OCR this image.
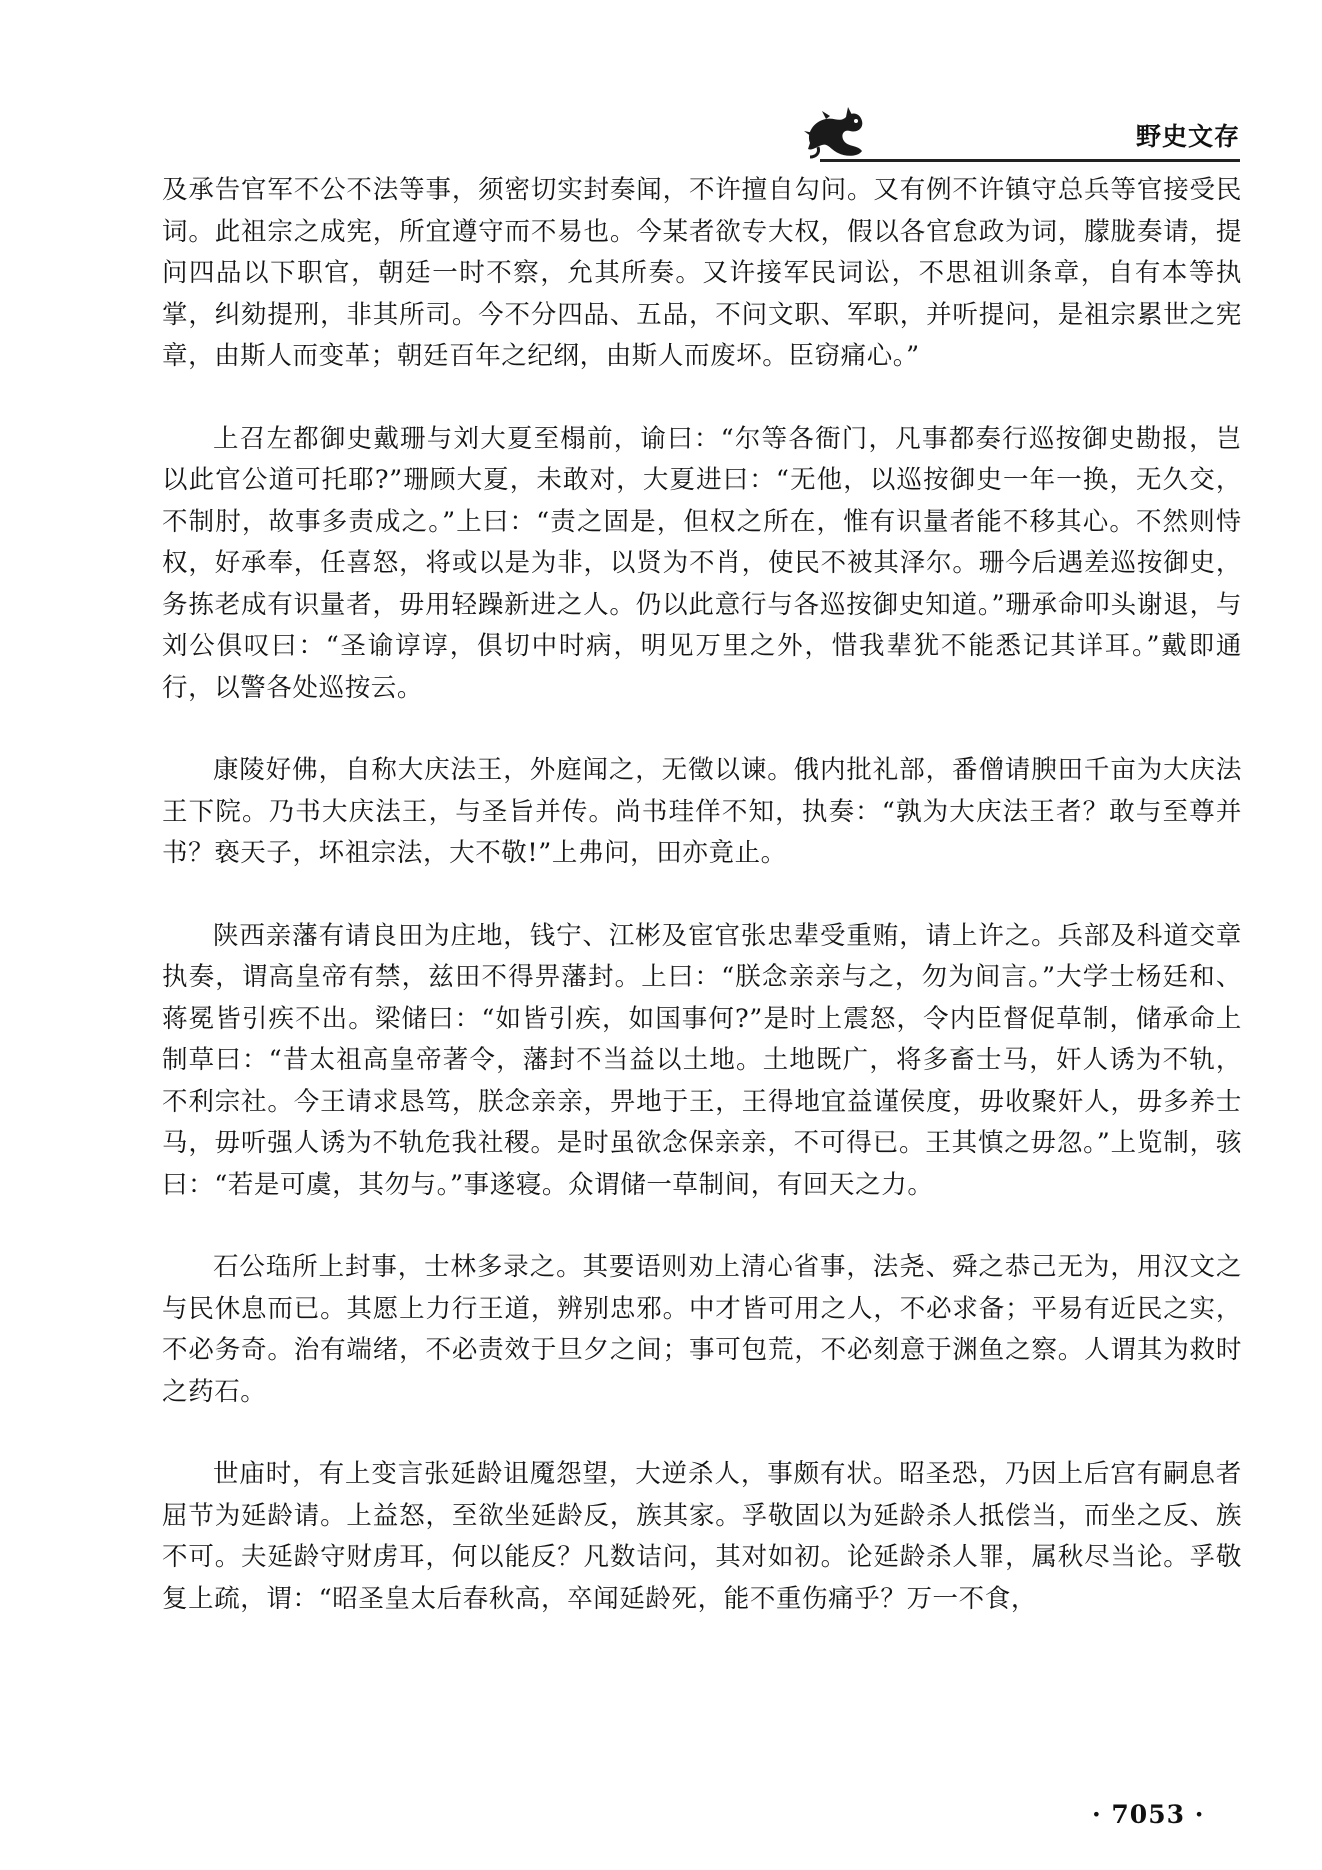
野史文存

及承告官军不公不法等事，须密切实封奏闻，不许擅自勾问。又有例不许镇守总兵等官接受民词。此祖宗之成宪，所宜遵守而不易也。今某者欲专大权，假以各官怠政为词，朦胧奏请，提问四品以下职官，朝廷一时不察，允其所奏。又许接军民词讼，不思祖训条章，自有本等执掌，纠劾提刑，非其所司。今不分四品、五品，不问文职、军职，并听提问，是祖宗累世之宪章，由斯人而变革；朝廷百年之纪纲，由斯人而废坏。臣窃痛心。”

上召左都御史戴珊与刘大夏至榻前，谕曰：“尔等各衙门，凡事都奏行巡按御史勘报，岂以此官公道可托耶?”珊顾大夏，未敢对，大夏进曰：“无他，以巡按御史一年一换，无久交，不制肘，故事多责成之。”上曰：“责之固是，但权之所在，惟有识量者能不移其心。不然则恃权，好承奉，任喜怒，将或以是为非，以贤为不肖，使民不被其泽尔。珊今后遇差巡按御史，务拣老成有识量者，毋用轻躁新进之人。仍以此意行与各巡按御史知道。”珊承命叩头谢退，与刘公俱叹曰：“圣谕谆谆，俱切中时病，明见万里之外，惜我辈犹不能悉记其详耳。”戴即通行，以警各处巡按云。

康陵好佛，自称大庆法王，外庭闻之，无徵以谏。俄内批礼部，番僧请腴田千亩为大庆法王下院。乃书大庆法王，与圣旨并传。尚书珪佯不知，执奏：“孰为大庆法王者？敢与至尊并书？亵天子，坏祖宗法，大不敬!”上弗问，田亦竟止。

陕西亲藩有请良田为庄地，钱宁、江彬及宦官张忠辈受重贿，请上许之。兵部及科道交章执奏，谓高皇帝有禁，兹田不得畀藩封。上曰：“朕念亲亲与之，勿为间言。”大学士杨廷和、蒋冕皆引疾不出。梁储曰：“如皆引疾，如国事何?”是时上震怒，令内臣督促草制，储承命上制草曰：“昔太祖高皇帝著令，藩封不当益以土地。土地既广，将多畜士马，奸人诱为不轨，不利宗社。今王请求恳笃，朕念亲亲，畀地于王，王得地宜益谨侯度，毋收聚奸人，毋多养士马，毋听强人诱为不轨危我社稷。是时虽欲念保亲亲，不可得已。王其慎之毋忽。”上览制，骇曰：“若是可虞，其勿与。”事遂寝。众谓储一草制间，有回天之力。

石公珤所上封事，士林多录之。其要语则劝上清心省事，法尧、舜之恭己无为，用汉文之与民休息而已。其愿上力行王道，辨别忠邪。中才皆可用之人，不必求备；平易有近民之实，不必务奇。治有端绪，不必责效于旦夕之间；事可包荒，不必刻意于渊鱼之察。人谓其为救时之药石。

世庙时，有上变言张延龄诅魇怨望，大逆杀人，事颇有状。昭圣恐，乃因上后宫有嗣息者屈节为延龄请。上益怒，至欲坐延龄反，族其家。孚敬固以为延龄杀人抵偿当，而坐之反、族不可。夫延龄守财虏耳，何以能反？凡数诘问，其对如初。论延龄杀人罪，属秋尽当论。孚敬复上疏，谓：“昭圣皇太后春秋高，卒闻延龄死，能不重伤痛乎？万一不食，

· 7053 ·
